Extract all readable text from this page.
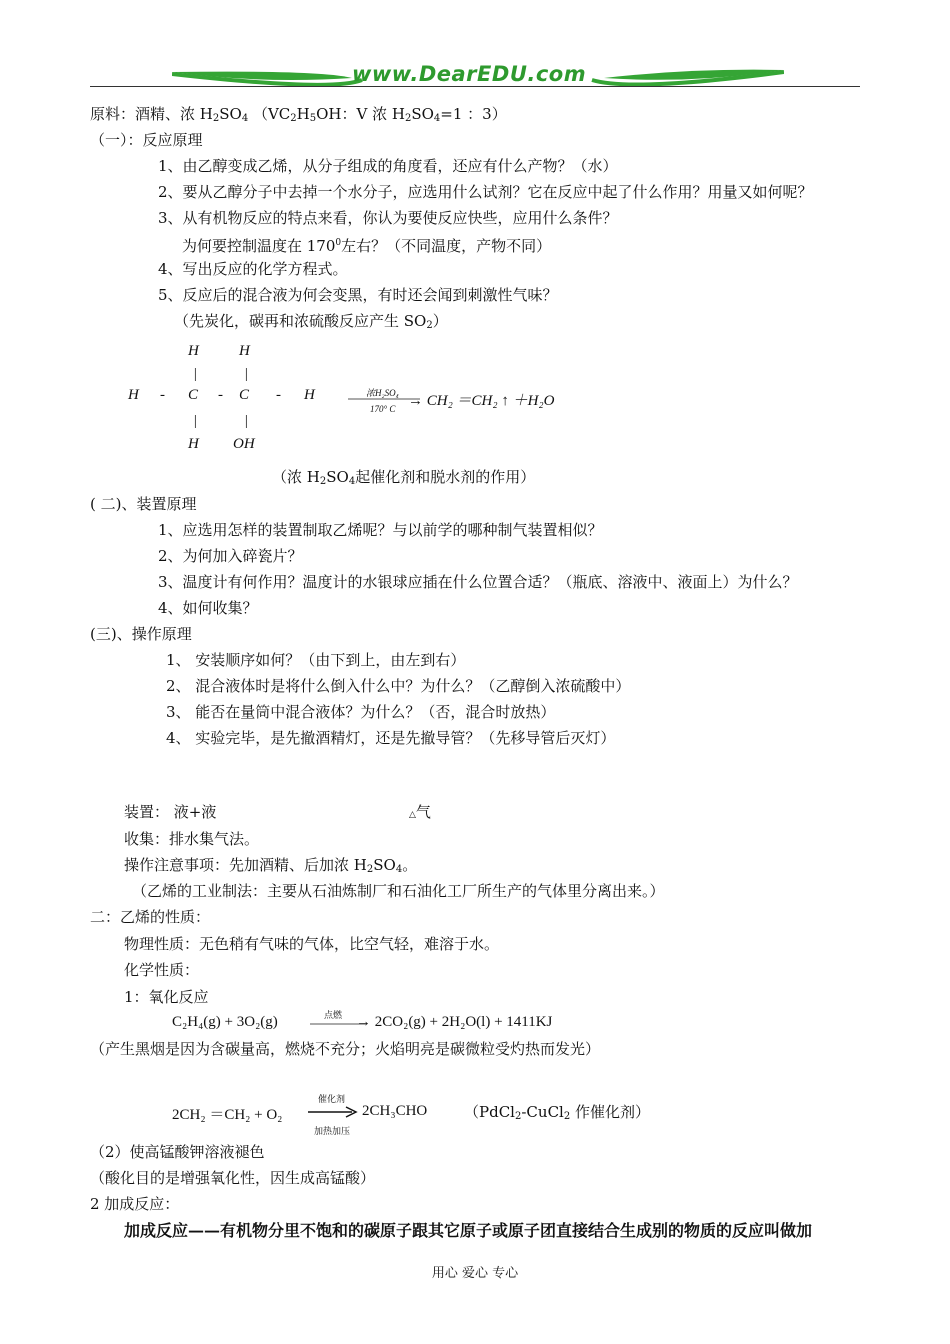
www.DearEDU.com
原料：酒精、浓 $H_2SO_4$ （$VC_2H_5OH$：V 浓 $H_2SO_4=1$ ：3）
（一）：反应原理
1、由乙醇变成乙烯，从分子组成的角度看，还应有什么产物？（水）
2、要从乙醇分子中去掉一个水分子，应选用什么试剂？它在反应中起了什么作用？用量又如何呢？
3、从有机物反应的特点来看，你认为要使反应快些，应用什么条件？
为何要控制温度在 $170^0$左右？（不同温度，产物不同）
4、写出反应的化学方程式。
5、反应后的混合液为何会变黑，有时还会闻到刺激性气味？
（先炭化，碳再和浓硫酸反应产生 $SO_2$）
H	H
|	|
H - C - C - H
|	|
H OH
浓H₂SO₄
170° C → CH₂ ＝CH₂ ↑ ＋H₂O
（浓 $H_2SO_4$起催化剂和脱水剂的作用）
( 二)、装置原理
1、应选用怎样的装置制取乙烯呢？与以前学的哪种制气装置相似？
2、为何加入碎瓷片？
3、温度计有何作用？温度计的水银球应插在什么位置合适？（瓶底、溶液中、液面上）为什么？
4、如何收集？
(三)、操作原理
1、 安装顺序如何？（由下到上，由左到右）
2、 混合液体时是将什么倒入什么中？为什么？（乙醇倒入浓硫酸中）
3、 能否在量筒中混合液体？为什么？（否，混合时放热）
4、 实验完毕，是先撤酒精灯，还是先撤导管？（先移导管后灭灯）
装置： 液+液	△气
收集：排水集气法。
操作注意事项：先加酒精、后加浓 $H_2SO_4$。
（乙烯的工业制法：主要从石油炼制厂和石油化工厂所生产的气体里分离出来。）
二：乙烯的性质：
物理性质：无色稍有气味的气体，比空气轻，难溶于水。
化学性质：
1：氧化反应
C₂H₄(g) + 3O₂(g)	点燃 → 2CO₂(g) + 2H₂O(l) + 1411KJ
（产生黑烟是因为含碳量高，燃烧不充分；火焰明亮是碳微粒受灼热而发光）
2CH₂ ＝CH₂ + O₂
催化剂
加热加压
2CH₃CHO （PdCl$_2$-CuCl$_2$ 作催化剂）
（2）使高锰酸钾溶液褪色
（酸化目的是增强氧化性，因生成高锰酸）
2 加成反应：
加成反应——有机物分里不饱和的碳原子跟其它原子或原子团直接结合生成别的物质的反应叫做加
用心 爱心 专心
